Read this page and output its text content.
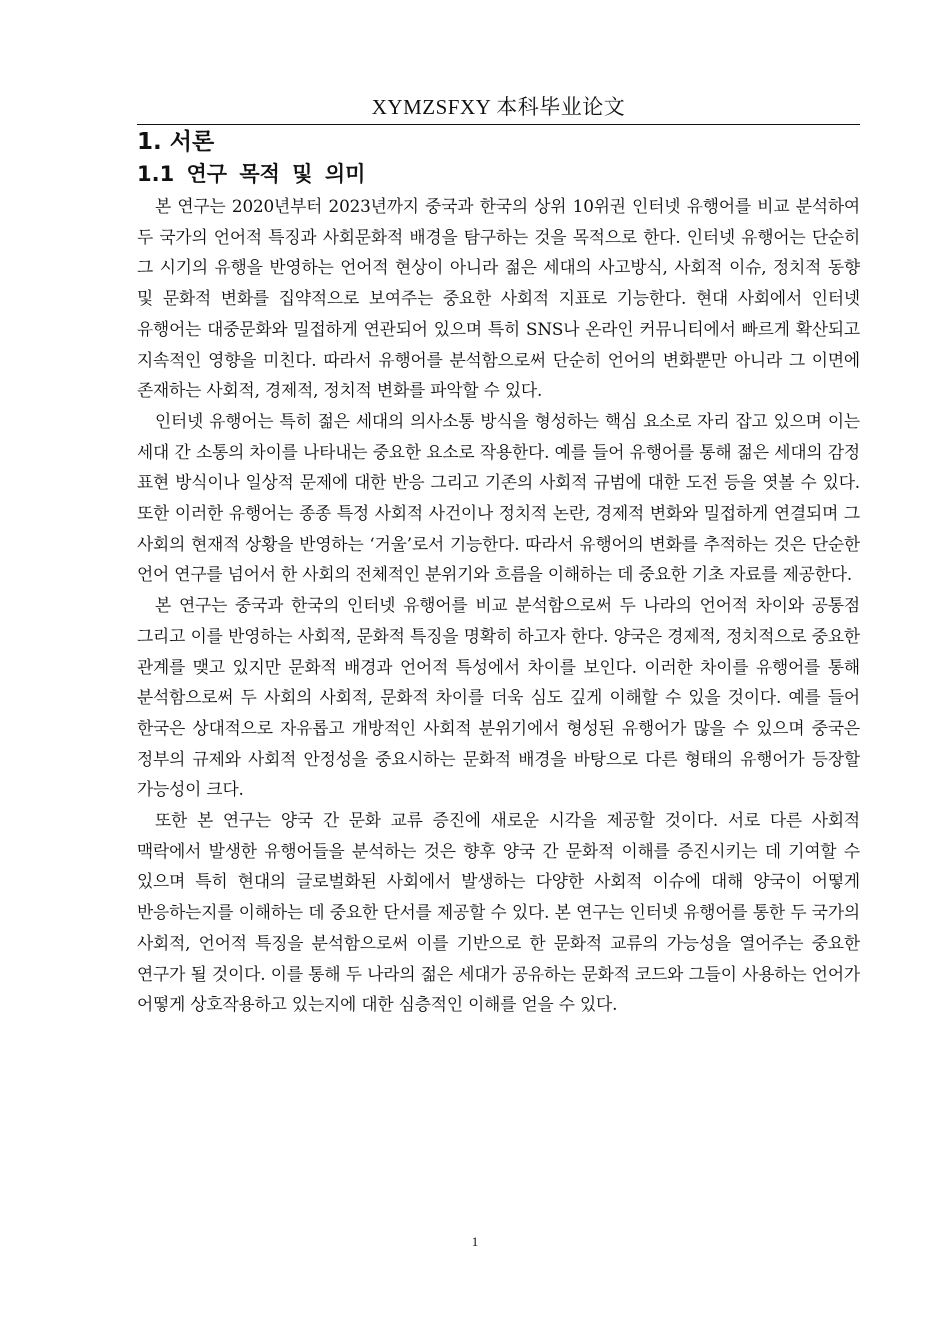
XYMZSFXY 本科毕业论文
1. 서론
1.1 연구 목적 및 의미

본 연구는 2020년부터 2023년까지 중국과 한국의 상위 10위권 인터넷 유행어를 비교 분석하여 두 국가의 언어적 특징과 사회문화적 배경을 탐구하는 것을 목적으로 한다. 인터넷 유행어는 단순히 그 시기의 유행을 반영하는 언어적 현상이 아니라 젊은 세대의 사고방식, 사회적 이슈, 정치적 동향 및 문화적 변화를 집약적으로 보여주는 중요한 사회적 지표로 기능한다. 현대 사회에서 인터넷 유행어는 대중문화와 밀접하게 연관되어 있으며 특히 SNS나 온라인 커뮤니티에서 빠르게 확산되고 지속적인 영향을 미친다. 따라서 유행어를 분석함으로써 단순히 언어의 변화뿐만 아니라 그 이면에 존재하는 사회적, 경제적, 정치적 변화를 파악할 수 있다.

인터넷 유행어는 특히 젊은 세대의 의사소통 방식을 형성하는 핵심 요소로 자리 잡고 있으며 이는 세대 간 소통의 차이를 나타내는 중요한 요소로 작용한다. 예를 들어 유행어를 통해 젊은 세대의 감정 표현 방식이나 일상적 문제에 대한 반응 그리고 기존의 사회적 규범에 대한 도전 등을 엿볼 수 있다. 또한 이러한 유행어는 종종 특정 사회적 사건이나 정치적 논란, 경제적 변화와 밀접하게 연결되며 그 사회의 현재적 상황을 반영하는 ‘거울’로서 기능한다. 따라서 유행어의 변화를 추적하는 것은 단순한 언어 연구를 넘어서 한 사회의 전체적인 분위기와 흐름을 이해하는 데 중요한 기초 자료를 제공한다.

본 연구는 중국과 한국의 인터넷 유행어를 비교 분석함으로써 두 나라의 언어적 차이와 공통점 그리고 이를 반영하는 사회적, 문화적 특징을 명확히 하고자 한다. 양국은 경제적, 정치적으로 중요한 관계를 맺고 있지만 문화적 배경과 언어적 특성에서 차이를 보인다. 이러한 차이를 유행어를 통해 분석함으로써 두 사회의 사회적, 문화적 차이를 더욱 심도 깊게 이해할 수 있을 것이다. 예를 들어 한국은 상대적으로 자유롭고 개방적인 사회적 분위기에서 형성된 유행어가 많을 수 있으며 중국은 정부의 규제와 사회적 안정성을 중요시하는 문화적 배경을 바탕으로 다른 형태의 유행어가 등장할 가능성이 크다.

또한 본 연구는 양국 간 문화 교류 증진에 새로운 시각을 제공할 것이다. 서로 다른 사회적 맥락에서 발생한 유행어들을 분석하는 것은 향후 양국 간 문화적 이해를 증진시키는 데 기여할 수 있으며 특히 현대의 글로벌화된 사회에서 발생하는 다양한 사회적 이슈에 대해 양국이 어떻게 반응하는지를 이해하는 데 중요한 단서를 제공할 수 있다. 본 연구는 인터넷 유행어를 통한 두 국가의 사회적, 언어적 특징을 분석함으로써 이를 기반으로 한 문화적 교류의 가능성을 열어주는 중요한 연구가 될 것이다. 이를 통해 두 나라의 젊은 세대가 공유하는 문화적 코드와 그들이 사용하는 언어가 어떻게 상호작용하고 있는지에 대한 심층적인 이해를 얻을 수 있다.

1
